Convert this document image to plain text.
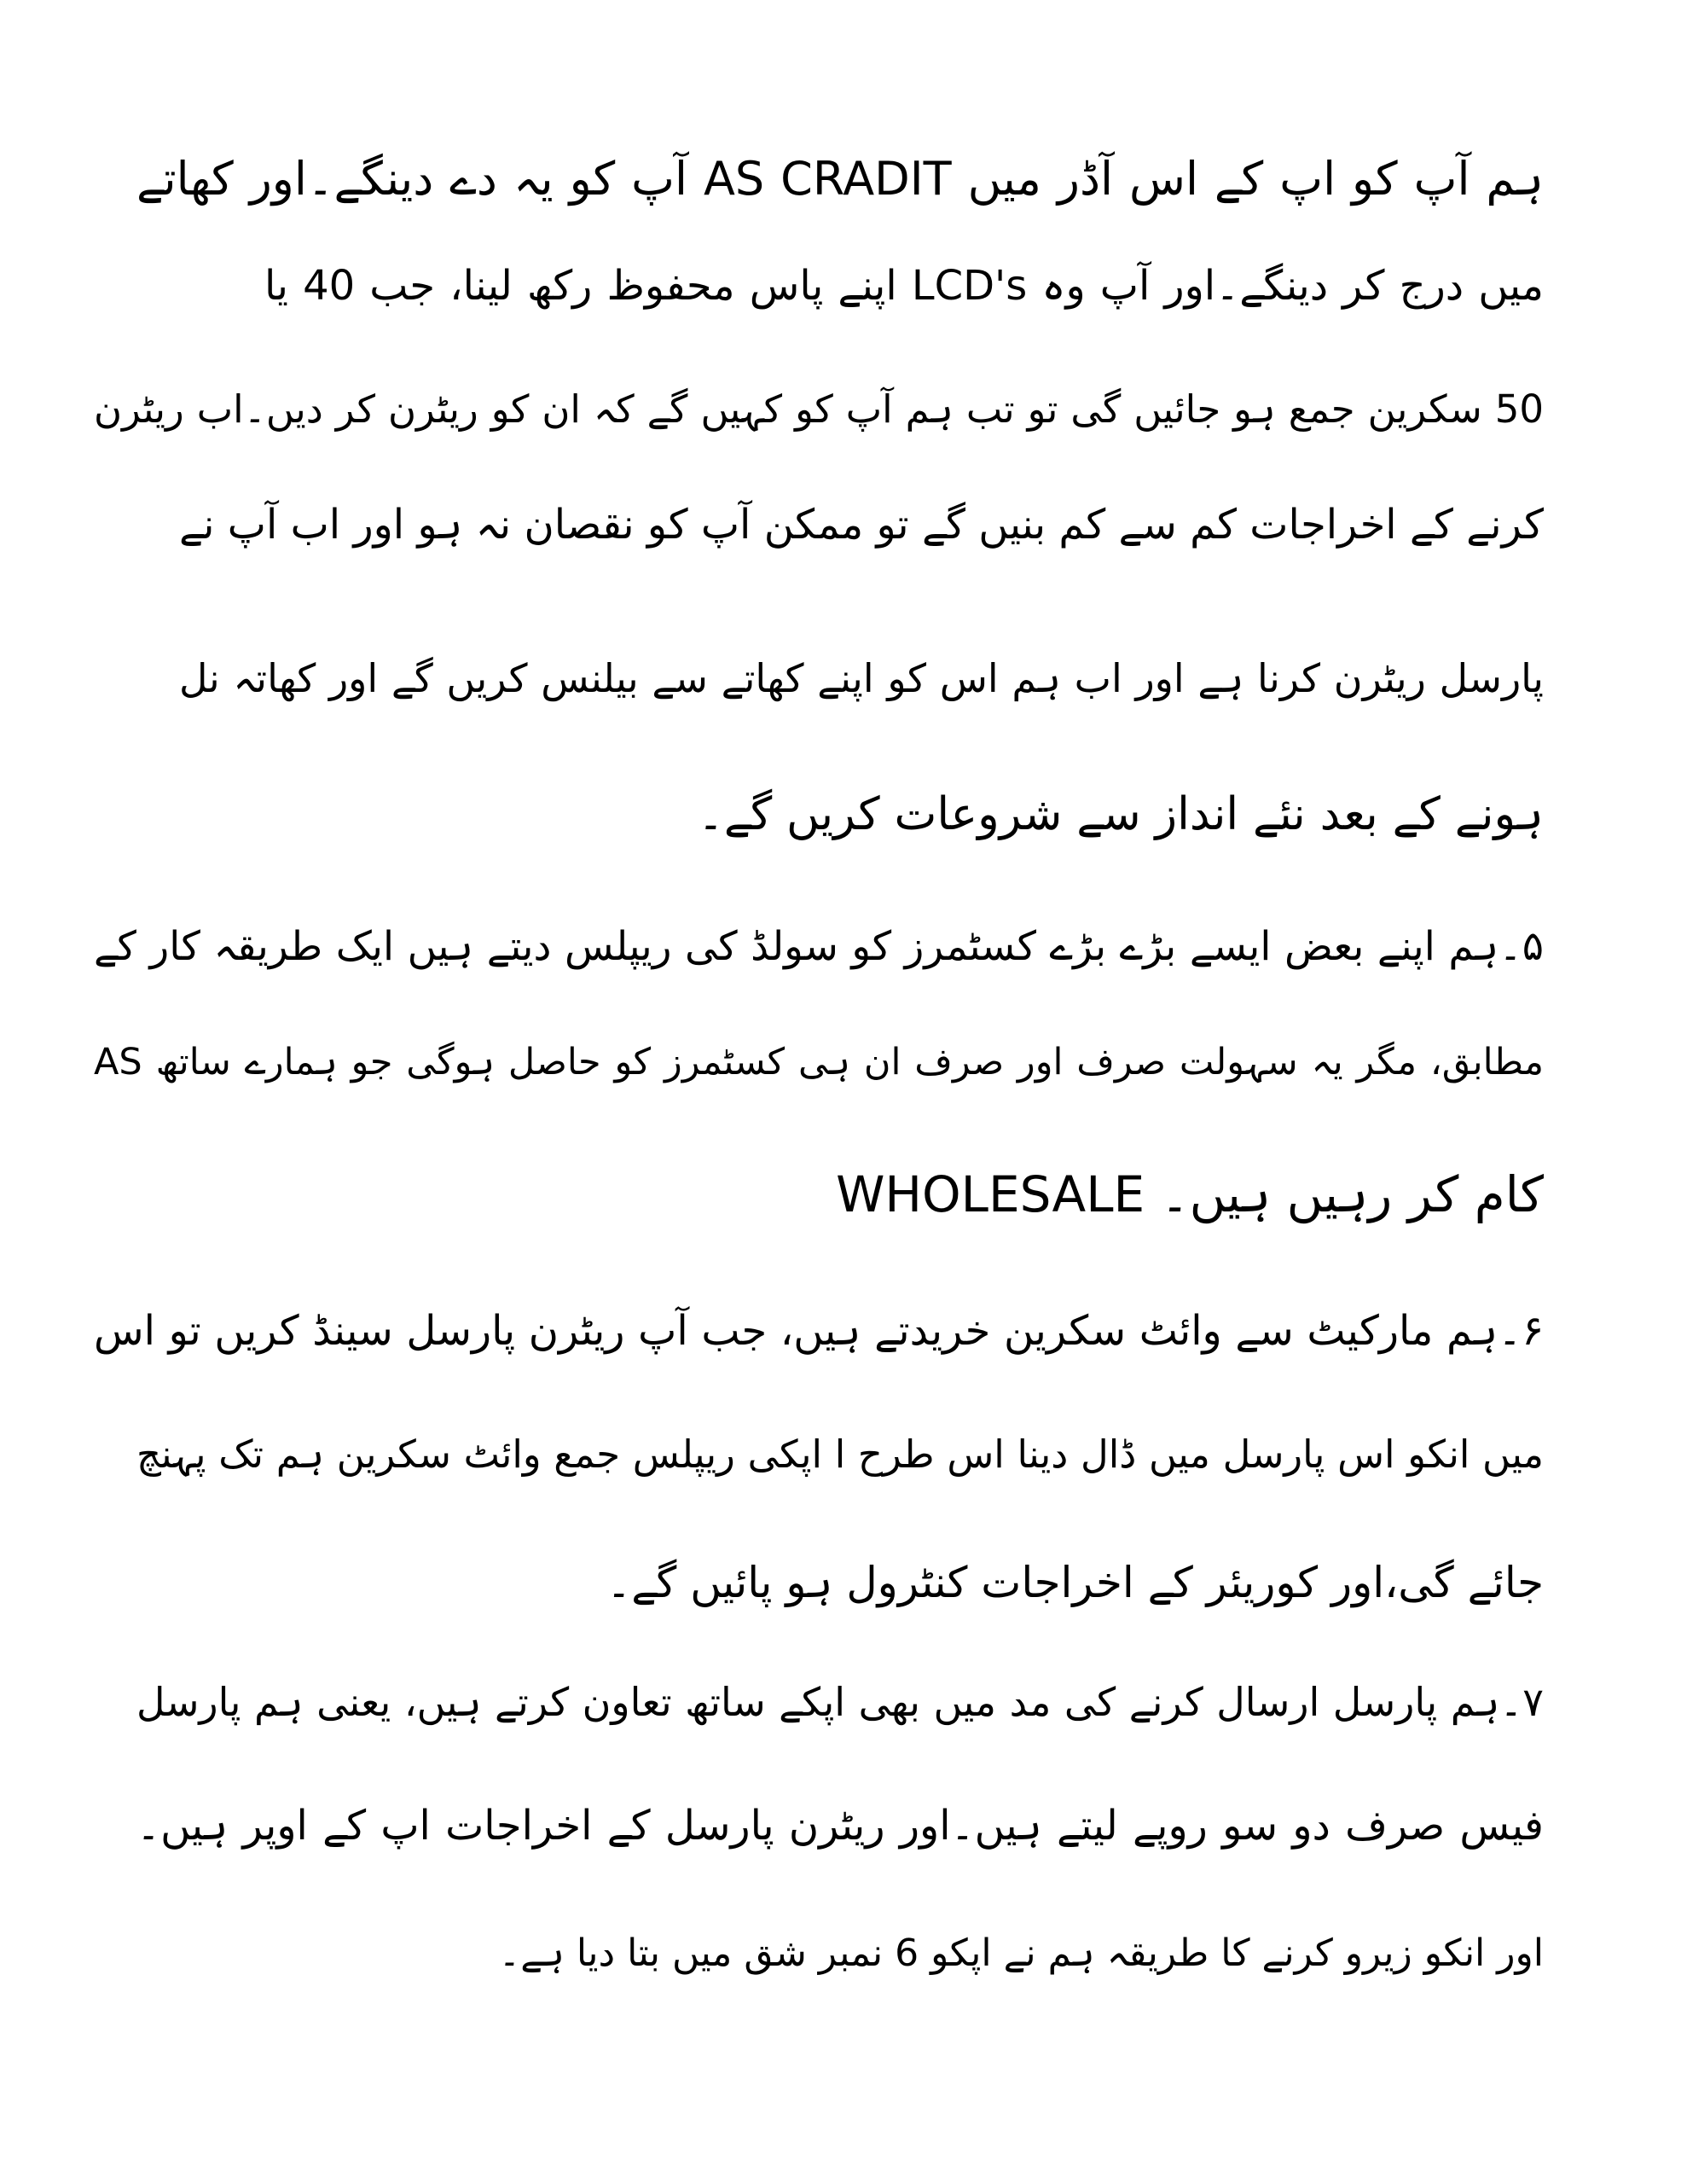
ہم آپ کو اپ کے اس آڈر میں AS CRADIT آپ کو یہ دے دینگے۔اور کھاتے
میں درج کر دینگے۔اور آپ وہ LCD's اپنے پاس محفوظ رکھ لینا، جب 40 یا
50 سکرین جمع ہو جائیں گی تو تب ہم آپ کو کہیں گے کہ ان کو ریٹرن کر دیں۔اب ریٹرن
کرنے کے اخراجات کم سے کم بنیں گے تو ممکن آپ کو نقصان نہ ہو اور اب آپ نے
پارسل ریٹرن کرنا ہے اور اب ہم اس کو اپنے کھاتے سے بیلنس کریں گے اور کھاتہ نل
ہونے کے بعد نئے انداز سے شروعات کریں گے۔
۵۔ہم اپنے بعض ایسے بڑے بڑے کسٹمرز کو سولڈ کی ریپلس دیتے ہیں ایک طریقہ کار کے
مطابق، مگر یہ سہولت صرف اور صرف ان ہی کسٹمرز کو حاصل ہوگی جو ہمارے ساتھ AS
WHOLESALE کام کر رہیں ہیں۔
۶۔ہم مارکیٹ سے وائٹ سکرین خریدتے ہیں، جب آپ ریٹرن پارسل سینڈ کریں تو اس
میں انکو اس پارسل میں ڈال دینا اس طرح ا اپکی ریپلس جمع وائٹ سکرین ہم تک پہنچ
جائے گی،اور کوریئر کے اخراجات کنٹرول ہو پائیں گے۔
۷۔ہم پارسل ارسال کرنے کی مد میں بھی اپکے ساتھ تعاون کرتے ہیں، یعنی ہم پارسل
فیس صرف دو سو روپے لیتے ہیں۔اور ریٹرن پارسل کے اخراجات اپ کے اوپر ہیں۔
اور انکو زیرو کرنے کا طریقہ ہم نے اپکو 6 نمبر شق میں بتا دیا ہے۔
